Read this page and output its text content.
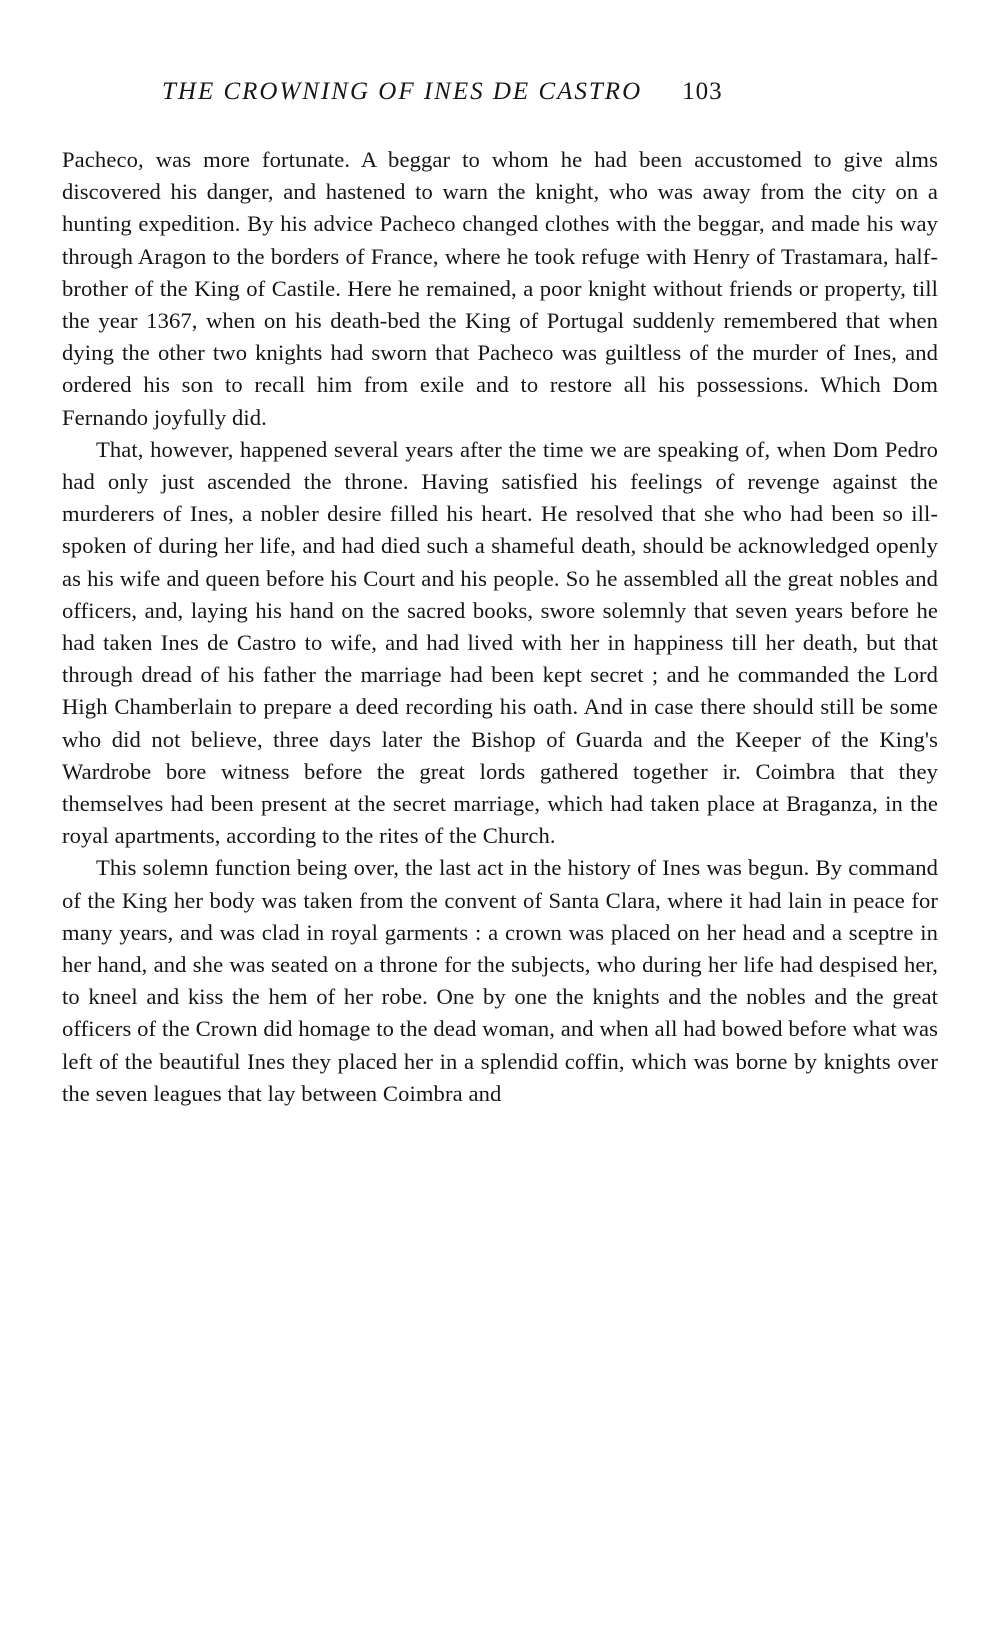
THE CROWNING OF INES DE CASTRO 103

Pacheco, was more fortunate. A beggar to whom he had been accustomed to give alms discovered his danger, and hastened to warn the knight, who was away from the city on a hunting expedition. By his advice Pacheco changed clothes with the beggar, and made his way through Aragon to the borders of France, where he took refuge with Henry of Trastamara, half-brother of the King of Castile. Here he remained, a poor knight without friends or property, till the year 1367, when on his death-bed the King of Portugal suddenly remembered that when dying the other two knights had sworn that Pacheco was guiltless of the murder of Ines, and ordered his son to recall him from exile and to restore all his possessions. Which Dom Fernando joyfully did.

That, however, happened several years after the time we are speaking of, when Dom Pedro had only just ascended the throne. Having satisfied his feelings of revenge against the murderers of Ines, a nobler desire filled his heart. He resolved that she who had been so ill-spoken of during her life, and had died such a shameful death, should be acknowledged openly as his wife and queen before his Court and his people. So he assembled all the great nobles and officers, and, laying his hand on the sacred books, swore solemnly that seven years before he had taken Ines de Castro to wife, and had lived with her in happiness till her death, but that through dread of his father the marriage had been kept secret ; and he commanded the Lord High Chamberlain to prepare a deed recording his oath. And in case there should still be some who did not believe, three days later the Bishop of Guarda and the Keeper of the King's Wardrobe bore witness before the great lords gathered together ir. Coimbra that they themselves had been present at the secret marriage, which had taken place at Braganza, in the royal apartments, according to the rites of the Church.

This solemn function being over, the last act in the history of Ines was begun. By command of the King her body was taken from the convent of Santa Clara, where it had lain in peace for many years, and was clad in royal garments : a crown was placed on her head and a sceptre in her hand, and she was seated on a throne for the subjects, who during her life had despised her, to kneel and kiss the hem of her robe. One by one the knights and the nobles and the great officers of the Crown did homage to the dead woman, and when all had bowed before what was left of the beautiful Ines they placed her in a splendid coffin, which was borne by knights over the seven leagues that lay between Coimbra and
